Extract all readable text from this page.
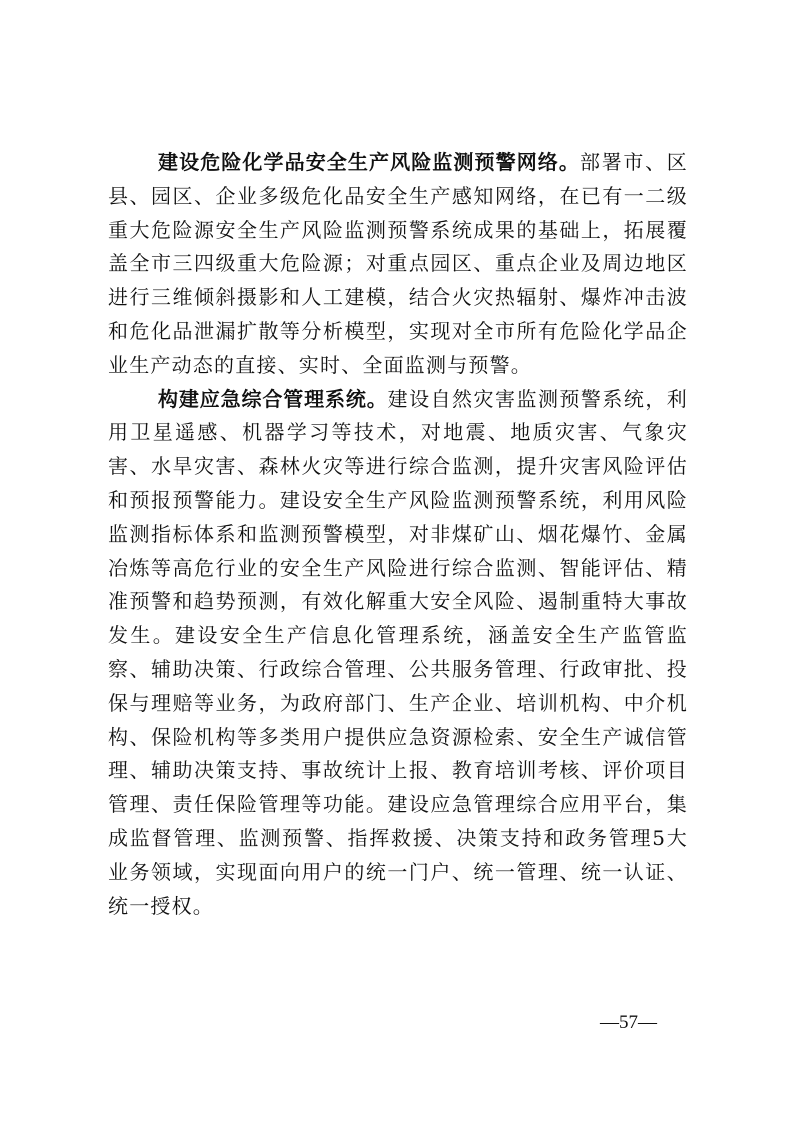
建设危险化学品安全生产风险监测预警网络。部署市、区县、园区、企业多级危化品安全生产感知网络，在已有一二级重大危险源安全生产风险监测预警系统成果的基础上，拓展覆盖全市三四级重大危险源；对重点园区、重点企业及周边地区进行三维倾斜摄影和人工建模，结合火灾热辐射、爆炸冲击波和危化品泄漏扩散等分析模型，实现对全市所有危险化学品企业生产动态的直接、实时、全面监测与预警。

构建应急综合管理系统。建设自然灾害监测预警系统，利用卫星遥感、机器学习等技术，对地震、地质灾害、气象灾害、水旱灾害、森林火灾等进行综合监测，提升灾害风险评估和预报预警能力。建设安全生产风险监测预警系统，利用风险监测指标体系和监测预警模型，对非煤矿山、烟花爆竹、金属冶炼等高危行业的安全生产风险进行综合监测、智能评估、精准预警和趋势预测，有效化解重大安全风险、遏制重特大事故发生。建设安全生产信息化管理系统，涵盖安全生产监管监察、辅助决策、行政综合管理、公共服务管理、行政审批、投保与理赔等业务，为政府部门、生产企业、培训机构、中介机构、保险机构等多类用户提供应急资源检索、安全生产诚信管理、辅助决策支持、事故统计上报、教育培训考核、评价项目管理、责任保险管理等功能。建设应急管理综合应用平台，集成监督管理、监测预警、指挥救援、决策支持和政务管理5大业务领域，实现面向用户的统一门户、统一管理、统一认证、统一授权。

—57—
